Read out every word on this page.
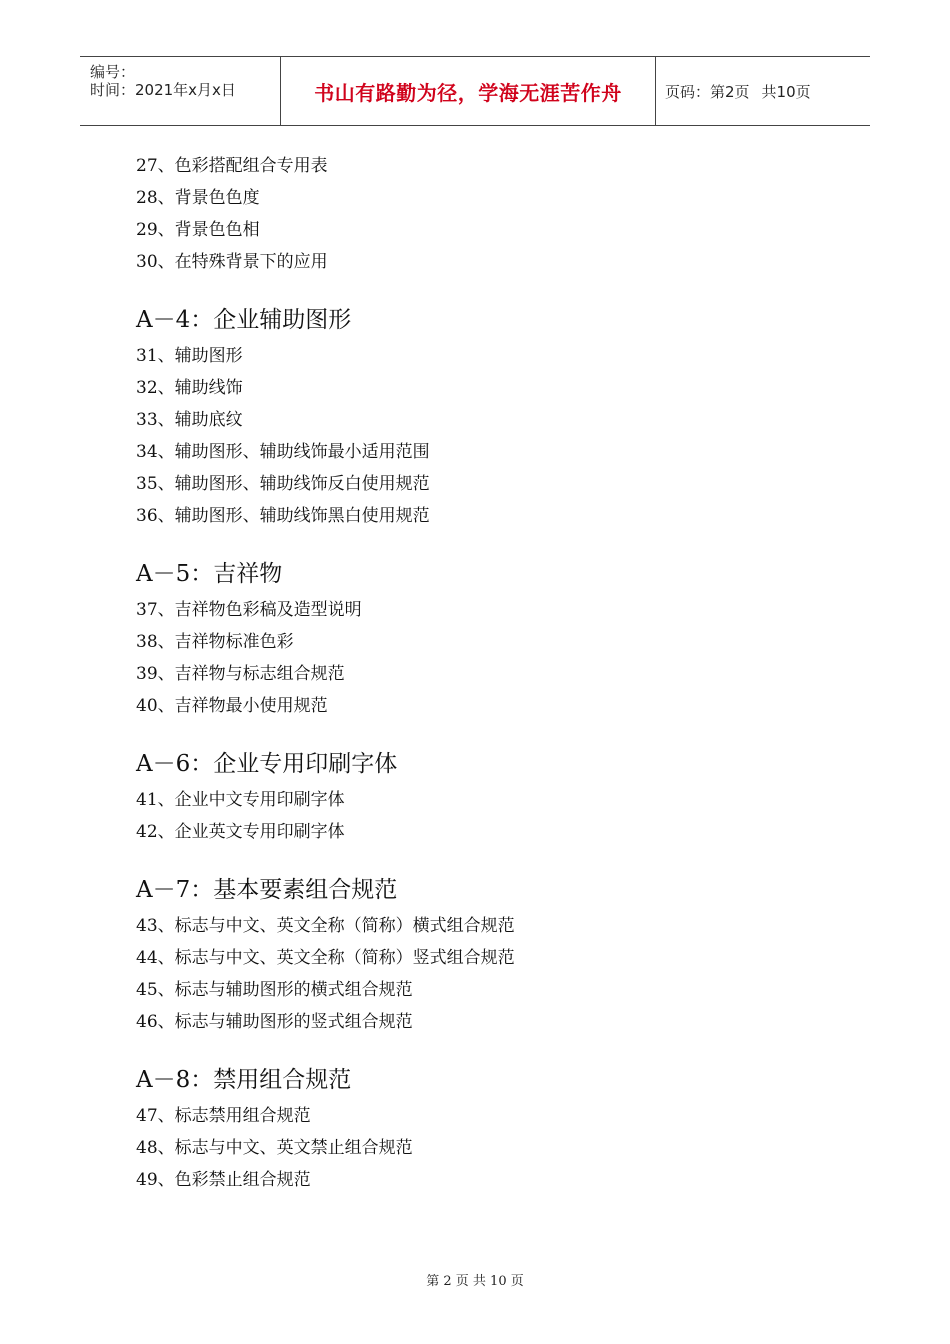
编号：
时间：2021年x月x日	书山有路勤为径，学海无涯苦作舟	页码：第2页 共10页
27、色彩搭配组合专用表
28、背景色色度
29、背景色色相
30、在特殊背景下的应用
A－4：企业辅助图形
31、辅助图形
32、辅助线饰
33、辅助底纹
34、辅助图形、辅助线饰最小适用范围
35、辅助图形、辅助线饰反白使用规范
36、辅助图形、辅助线饰黑白使用规范
A－5：吉祥物
37、吉祥物色彩稿及造型说明
38、吉祥物标准色彩
39、吉祥物与标志组合规范
40、吉祥物最小使用规范
A－6：企业专用印刷字体
41、企业中文专用印刷字体
42、企业英文专用印刷字体
A－7：基本要素组合规范
43、标志与中文、英文全称（简称）横式组合规范
44、标志与中文、英文全称（简称）竖式组合规范
45、标志与辅助图形的横式组合规范
46、标志与辅助图形的竖式组合规范
A－8：禁用组合规范
47、标志禁用组合规范
48、标志与中文、英文禁止组合规范
49、色彩禁止组合规范
第 2 页 共 10 页
